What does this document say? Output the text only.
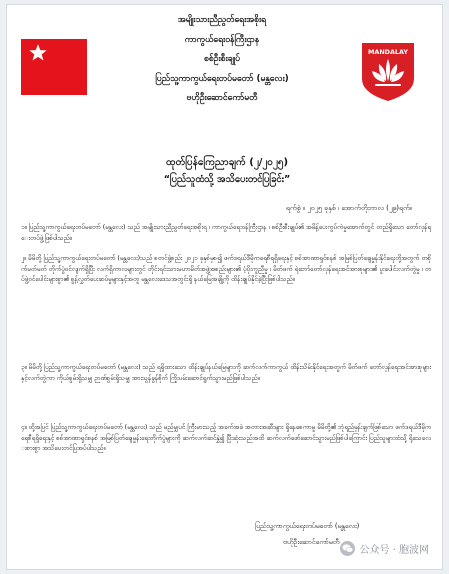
အမျိုးသားညီညွတ်ရေးအစိုးရ
ကာကွယ်ရေးဝန်ကြီးဌာန
စစ်ဦးစီးချုပ်
ပြည်သူ့ကာကွယ်ရေးတပ်မတော် (မန္တလေး)
ဗဟိုဦးဆောင်ကော်မတီ
MANDALAY
ထုတ်ပြန်ကြေညာချက် (၂/၂၀၂၅)
“ပြည်သူထံသို့ အသိပေးတင်ပြခြင်း”
ရက်စွဲ ။ ၂၀၂၅ ခုနှစ် ၊ အောက်တိုဘာလ (၂၉)ရက်။
၁။ ပြည်သူ့ကာကွယ်ရေးတပ်မတော် (မန္တလေး) သည် အမျိုးသားညီညွတ်ရေးအစိုးရ ၊ ကာကွယ်ရေးဝန်ကြီးဌာန ၊ စစ်ဦးစီးချုပ်၏ အမိန့်ပေးကွပ်ကဲမှုအောက်တွင် တည်ရှိသော တော်လှန်ရေးတပ်ဖွဲ့ဖြစ်ပါသည်။
၂။ မိမိတို့ ပြည်သူ့ကာကွယ်ရေးတပ်မတော် (မန္တလေး)သည် စတင်ဖွဲ့စည်း ၂၀၂၁ ခုနှစ်မှစ၍ ဖက်ဒရယ်ဒီမိုကရေစီရရှိရေးနှင့် စစ်အာဏာရှင်စနစ် အမြစ်ပြတ်ချေမှုန်းနိုင်ရေးတို့အတွက် တစိုက်မတ်မတ် တိုက်ပွဲဝင်လျက်ရှိပြီး လက်ရှိကာလများတွင် တိုင်းရင်းသားမဟာမိတ်အဖွဲ့အစည်းများ၏ ပံ့ပိုးကူညီမှု ၊ မိတ်ဖက် ရဲဘော်တော်လှန်ရေးအင်အားစုများ၏ ပူးပေါင်းလက်တွဲမှု ၊ တပ်ဖွဲ့ဝင်ပေါင်းများစွာ၏ စွန့်လွှတ်ပေးဆပ်မှုများနှင့်အတူ မန္တလေးဒေသအတွင်းရှိ နယ်မြေအချို့ကို ထိန်းချုပ်နိုင်ခဲ့ပြီးဖြစ်ပါသည်။
၃။ မိမိတို့ ပြည်သူ့ကာကွယ်ရေးတပ်မတော် (မန္တလေး) သည် ရရှိထားသော ထိန်းချုပ်နယ်မြေများကို ဆက်လက်ကာကွယ် ထိန်းသိမ်းနိုင်ရေးအတွက် မိတ်ဖက် တော်လှန်ရေးအင်အားစုများနှင့်လက်တွဲကာ ကိုယ်စွမ်းရှိသမျှ ဉာဏ်စွမ်းရှိသမျှ အားသွန်ခွန်စိုက် ကြိုးပမ်းဆောင်ရွက်သွားမည်ဖြစ်ပါသည်။
၄။ ထို့အပြင် ပြည်သူ့ကာကွယ်ရေးတပ်မတော် (မန္တလေး) သည် မည်မျှပင် ကြီးမားသည့် အခက်အခဲ အတားအဆီးများ ရှိနေစေကာမူ မိမိတို့၏ ဘုံရည်မှန်းချက်ဖြစ်သော ဖက်ဒရယ်ဒီမိုကရေစီရရှိရေးနှင့် စစ်အာဏာရှင်စနစ် အမြစ်ပြတ်ချေမှုန်းရေးတိုက်ပွဲများကို ဆက်လက်ဆင်နွှဲ၍ ပြီးဆုံးသည်အထိ ဆက်လက်ဖော်ဆောင်သွားမည်ဖြစ်ပါကြောင်း ပြည်သူများထံသို့ ရိုသေလေးစားစွာ အသိပေးတင်ပြအပ်ပါသည်။
ပြည်သူ့ကာကွယ်ရေးတပ်မတော် (မန္တလေး)
ဗဟိုဦးဆောင်ကော်မတီ
公众号 · 胞波网
